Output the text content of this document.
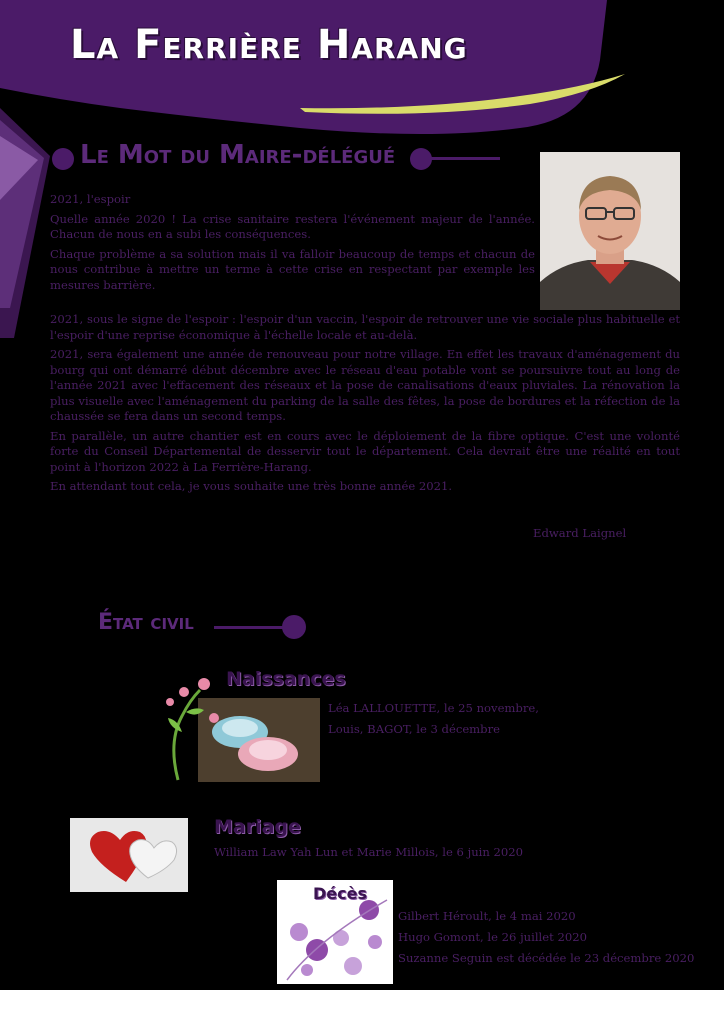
La Ferrière Harang
Le Mot du Maire-délégué

2021, l'espoir

Quelle année 2020 ! La crise sanitaire restera l'événement majeur de l'année. Chacun de nous en a subi les conséquences.

Chaque problème a sa solution mais il va falloir beaucoup de temps et chacun de nous contribue à mettre un terme à cette crise en respectant par exemple les mesures barrière.

2021, sous le signe de l'espoir : l'espoir d'un vaccin, l'espoir de retrouver une vie sociale plus habituelle et l'espoir d'une reprise économique à l'échelle locale et au-delà.

2021, sera également une année de renouveau pour notre village. En effet les travaux d'aménagement du bourg qui ont démarré début décembre avec le réseau d'eau potable vont se poursuivre tout au long de l'année 2021 avec l'effacement des réseaux et la pose de canalisations d'eaux pluviales. La rénovation la plus visuelle avec l'aménagement du parking de la salle des fêtes, la pose de bordures et la réfection de la chaussée se fera dans un second temps.

En parallèle, un autre chantier est en cours avec le déploiement de la fibre optique. C'est une volonté forte du Conseil Départemental de desservir tout le département. Cela devrait être une réalité en tout point à l'horizon 2022 à La Ferrière-Harang.

En attendant tout cela, je vous souhaite une très bonne année 2021.

Edward Laignel
État civil
Naissances
Léa LALLOUETTE, le 25 novembre,
Louis, BAGOT, le 3 décembre
Mariage
William Law Yah Lun et Marie Millois, le 6 juin 2020
Décès
Gilbert Héroult, le 4 mai 2020
Hugo Gomont, le 26 juillet 2020
Suzanne Seguin est décédée le 23 décembre 2020
